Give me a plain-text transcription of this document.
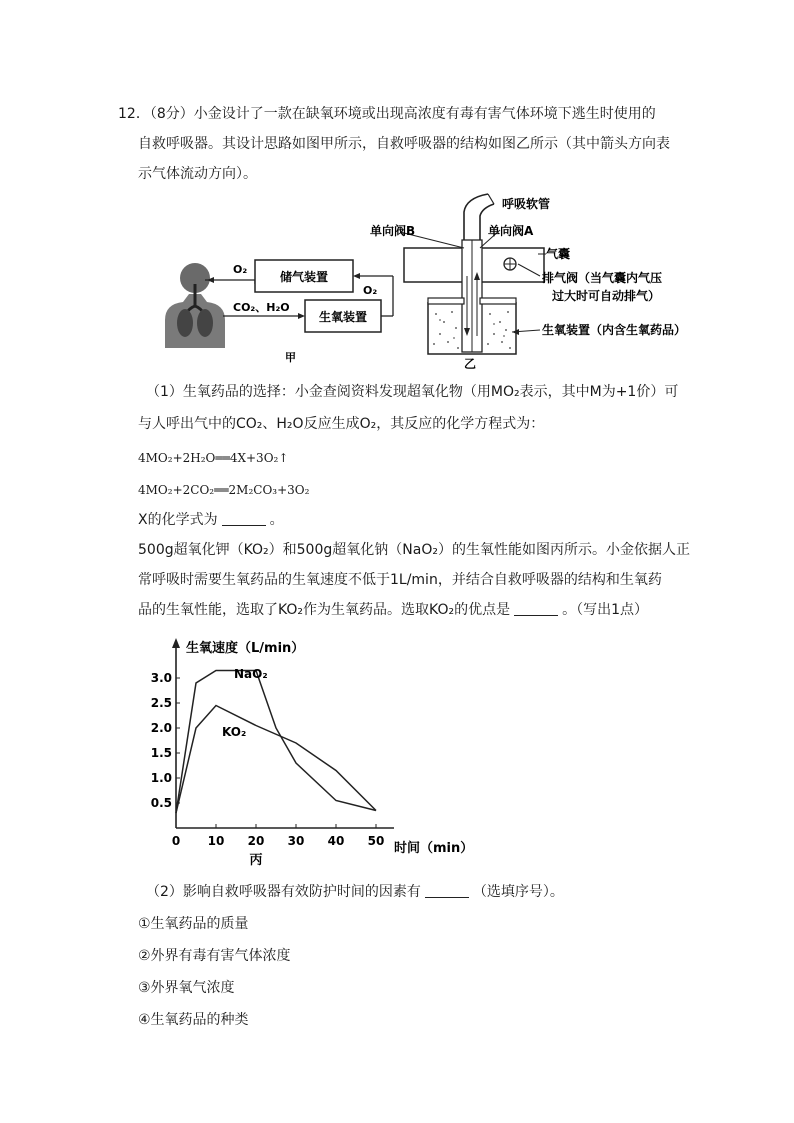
12．（8分）小金设计了一款在缺氧环境或出现高浓度有毒有害气体环境下逃生时使用的
自救呼吸器。其设计思路如图甲所示，自救呼吸器的结构如图乙所示（其中箭头方向表
示气体流动方向）。
储气装置
生氧装置
O₂
O₂
CO₂、H₂O
甲
呼吸软管
单向阀B	单向阀A
气囊
排气阀（当气囊内气压
过大时可自动排气）
生氧装置（内含生氧药品）
乙
（1）生氧药品的选择：小金查阅资料发现超氧化物（用MO₂表示，其中M为+1价）可
与人呼出气中的CO₂、H₂O反应生成O₂，其反应的化学方程式为：
4MO₂+2H₂O══4X+3O₂↑
4MO₂+2CO₂══2M₂CO₃+3O₂
X的化学式为	。
500g超氧化钾（KO₂）和500g超氧化钠（NaO₂）的生氧性能如图丙所示。小金依据人正
常呼吸时需要生氧药品的生氧速度不低于1L/min，并结合自救呼吸器的结构和生氧药
品的生氧性能，选取了KO₂作为生氧药品。选取KO₂的优点是	。（写出1点）
0 10 20 30 40 50
0.5
1.0
1.5
2.0
2.5
3.0	NaO₂
KO₂
生氧速度（L/min）
时间（min）
丙
（2）影响自救呼吸器有效防护时间的因素有	（选填序号）。
①生氧药品的质量
②外界有毒有害气体浓度
③外界氧气浓度
④生氧药品的种类
